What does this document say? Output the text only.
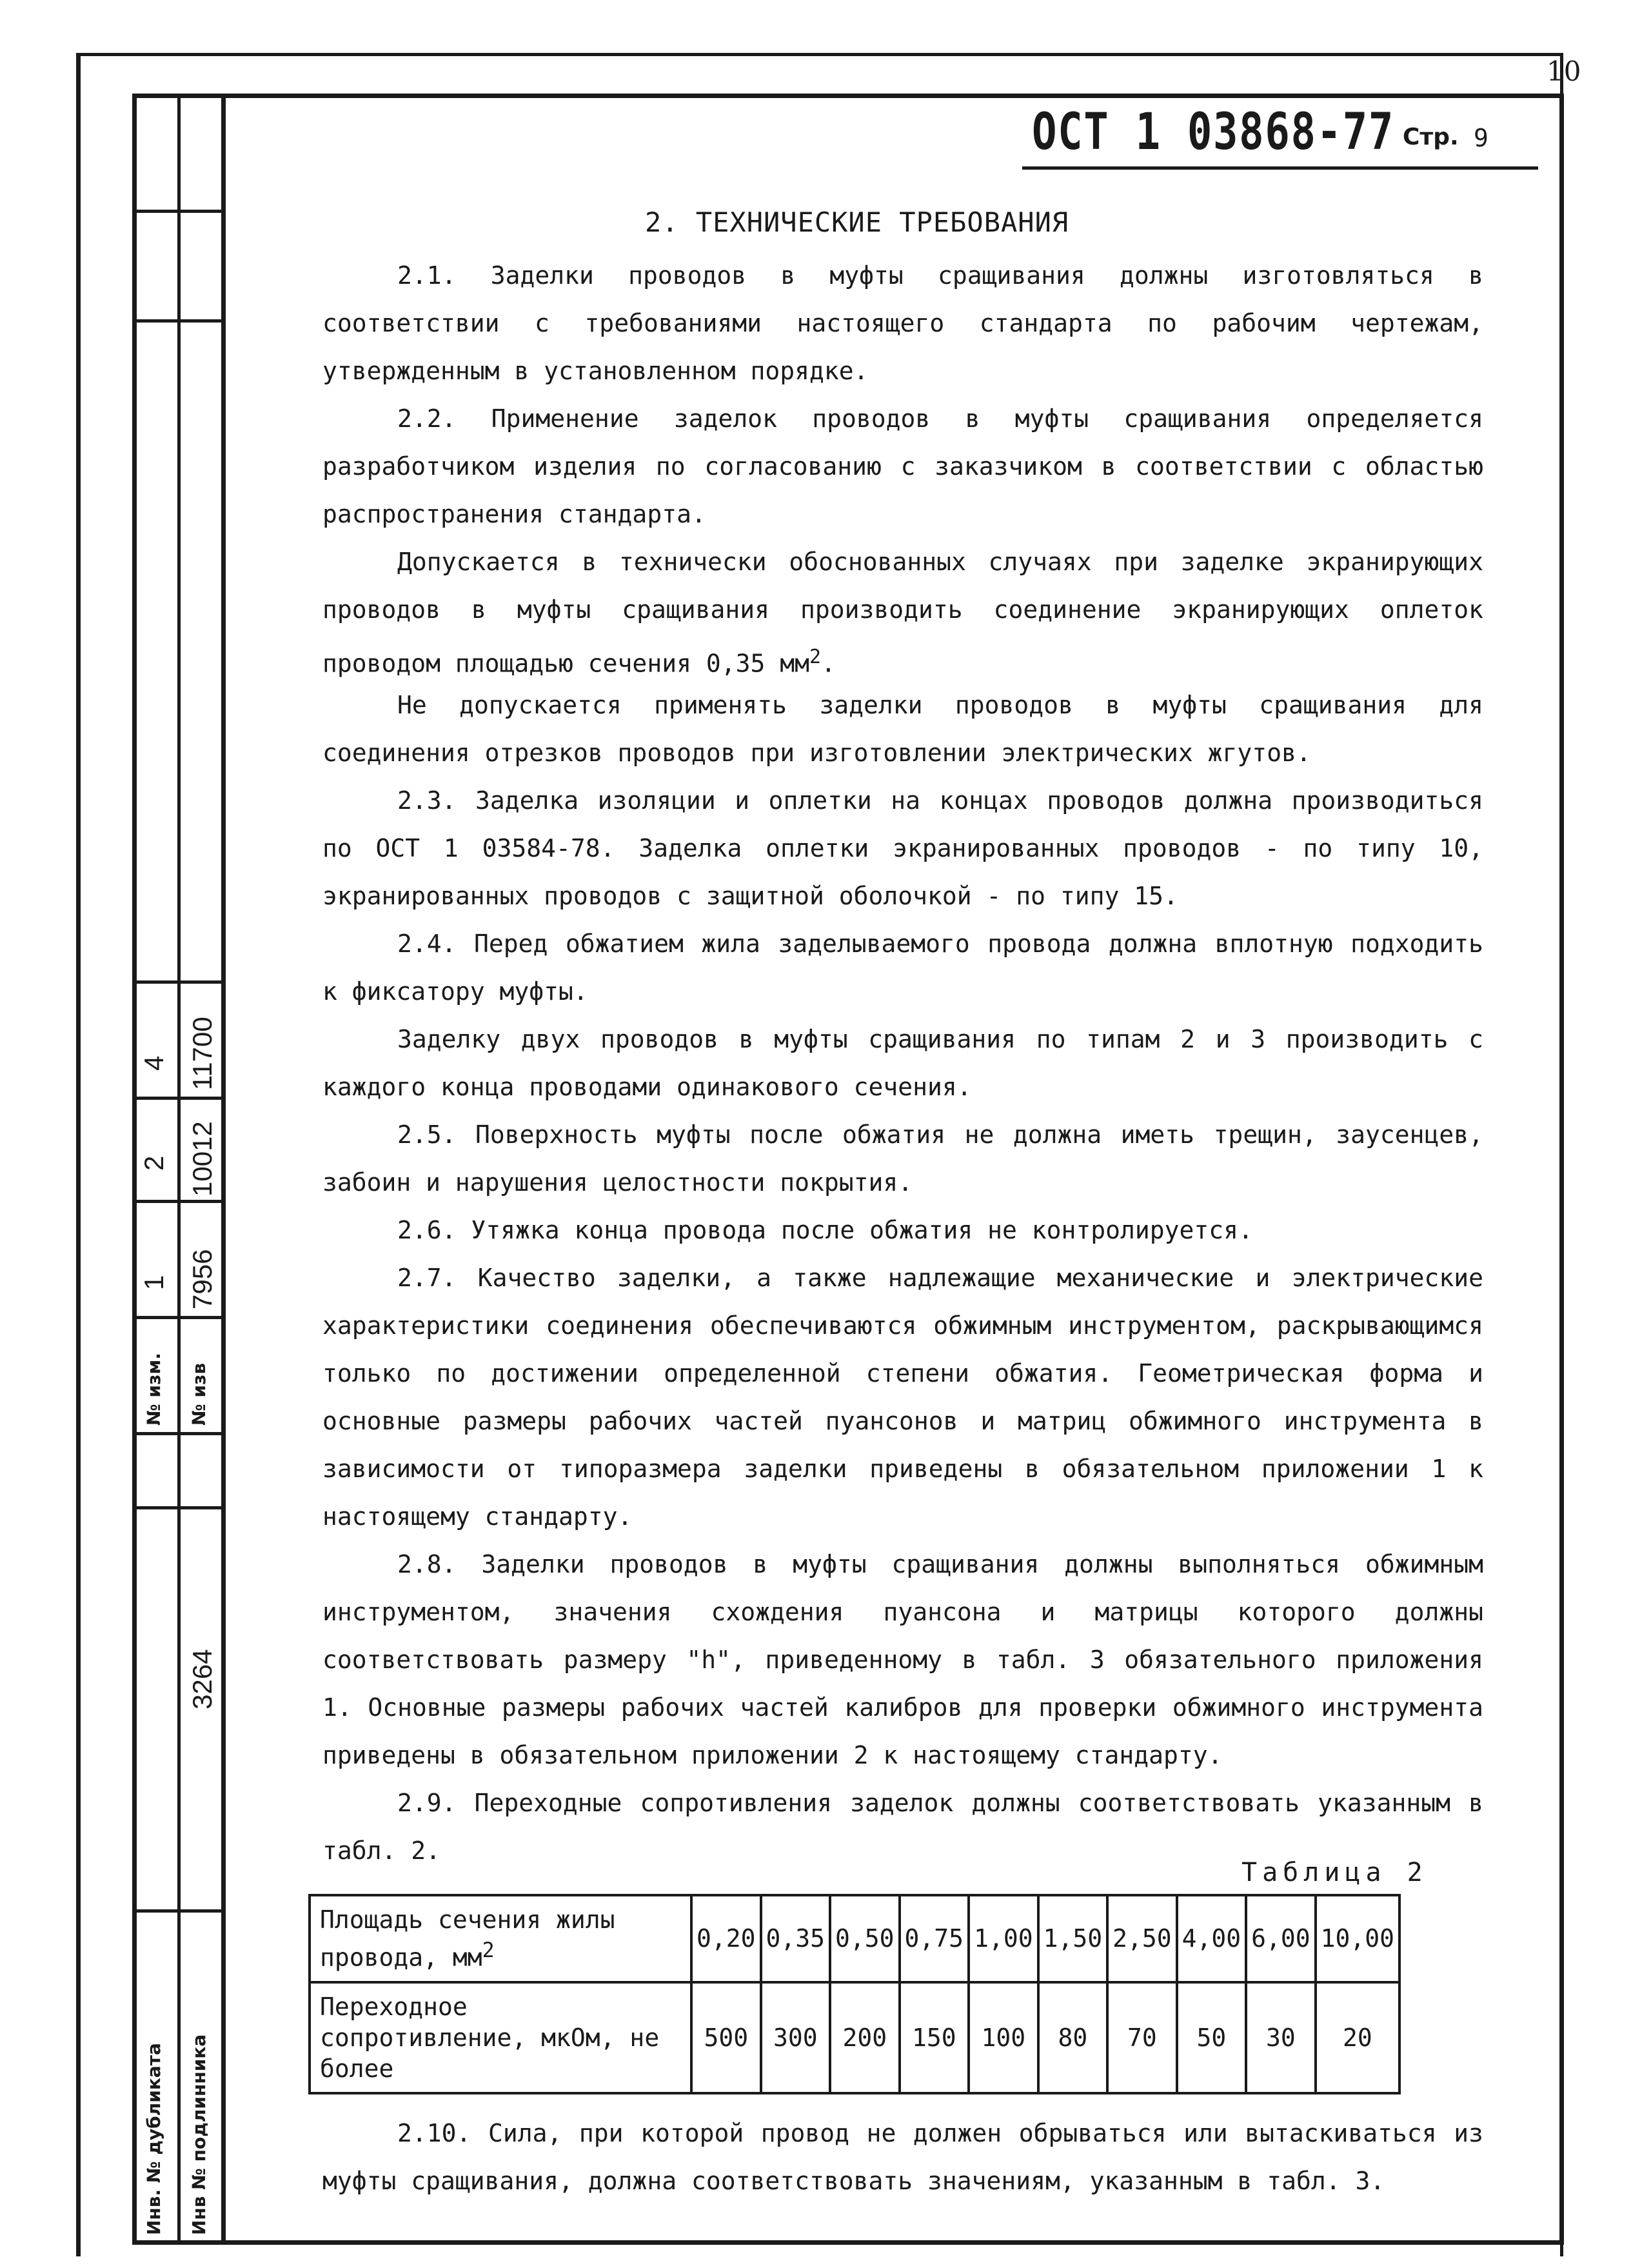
10
4 11700
2 10012
1 7956
№ изм. № изв
3264
Инв. № дубликата Инв № подлинника
ОСТ 1 03868-77 Стр. 9
2. ТЕХНИЧЕСКИЕ ТРЕБОВАНИЯ

2.1. Заделки проводов в муфты сращивания должны изготовляться в соответствии с требованиями настоящего стандарта по рабочим чертежам, утвержденным в установленном порядке.

2.2. Применение заделок проводов в муфты сращивания определяется разработчиком изделия по согласованию с заказчиком в соответствии с областью распространения стандарта.

Допускается в технически обоснованных случаях при заделке экранирующих проводов в муфты сращивания производить соединение экранирующих оплеток проводом площадью сечения 0,35 $мм^2$.

Не допускается применять заделки проводов в муфты сращивания для соединения отрезков проводов при изготовлении электрических жгутов.

2.3. Заделка изоляции и оплетки на концах проводов должна производиться по ОСТ 1 03584-78. Заделка оплетки экранированных проводов - по типу 10, экранированных проводов с защитной оболочкой - по типу 15.

2.4. Перед обжатием жила заделываемого провода должна вплотную подходить к фиксатору муфты.

Заделку двух проводов в муфты сращивания по типам 2 и 3 производить с каждого конца проводами одинакового сечения.

2.5. Поверхность муфты после обжатия не должна иметь трещин, заусенцев, забоин и нарушения целостности покрытия.

2.6. Утяжка конца провода после обжатия не контролируется.

2.7. Качество заделки, а также надлежащие механические и электрические характеристики соединения обеспечиваются обжимным инструментом, раскрывающимся только по достижении определенной степени обжатия. Геометрическая форма и основные размеры рабочих частей пуансонов и матриц обжимного инструмента в зависимости от типоразмера заделки приведены в обязательном приложении 1 к настоящему стандарту.

2.8. Заделки проводов в муфты сращивания должны выполняться обжимным инструментом, значения схождения пуансона и матрицы которого должны соответствовать размеру "h", приведенному в табл. 3 обязательного приложения 1. Основные размеры рабочих частей калибров для проверки обжимного инструмента приведены в обязательном приложении 2 к настоящему стандарту.

2.9. Переходные сопротивления заделок должны соответствовать указанным в табл. 2.

Таблица 2
Площадь сечения жилы провода, $мм^2$	0,20	0,35	0,50	0,75	1,00	1,50	2,50	4,00	6,00	10,00
Переходное сопротивление, мкОм, не более	500	300	200	150	100	80	70	50	30	20

2.10. Сила, при которой провод не должен обрываться или вытаскиваться из муфты сращивания, должна соответствовать значениям, указанным в табл. 3.
